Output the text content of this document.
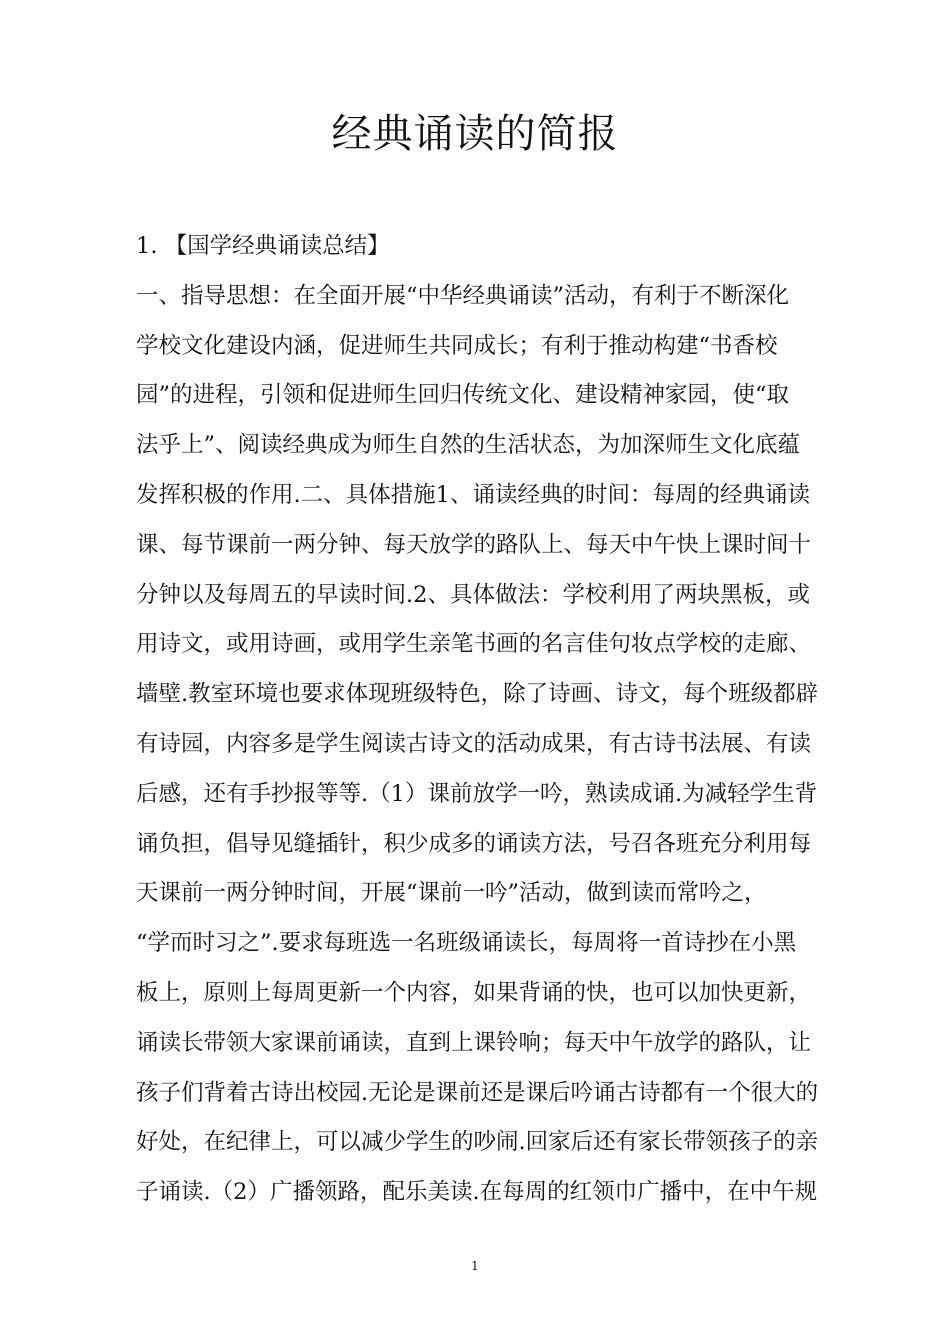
经典诵读的简报
1. 【国学经典诵读总结】
一、指导思想：在全面开展“中华经典诵读”活动，有利于不断深化
学校文化建设内涵，促进师生共同成长；有利于推动构建“书香校
园”的进程，引领和促进师生回归传统文化、建设精神家园，使“取
法乎上”、阅读经典成为师生自然的生活状态，为加深师生文化底蕴
发挥积极的作用.二、具体措施1、诵读经典的时间：每周的经典诵读
课、每节课前一两分钟、每天放学的路队上、每天中午快上课时间十
分钟以及每周五的早读时间.2、具体做法：学校利用了两块黑板，或
用诗文，或用诗画，或用学生亲笔书画的名言佳句妆点学校的走廊、
墙壁.教室环境也要求体现班级特色，除了诗画、诗文，每个班级都辟
有诗园，内容多是学生阅读古诗文的活动成果，有古诗书法展、有读
后感，还有手抄报等等.（1）课前放学一吟，熟读成诵.为减轻学生背
诵负担，倡导见缝插针，积少成多的诵读方法，号召各班充分利用每
天课前一两分钟时间，开展“课前一吟”活动，做到读而常吟之，
“学而时习之”.要求每班选一名班级诵读长，每周将一首诗抄在小黑
板上，原则上每周更新一个内容，如果背诵的快，也可以加快更新，
诵读长带领大家课前诵读，直到上课铃响；每天中午放学的路队，让
孩子们背着古诗出校园.无论是课前还是课后吟诵古诗都有一个很大的
好处，在纪律上，可以减少学生的吵闹.回家后还有家长带领孩子的亲
子诵读.（2）广播领路，配乐美读.在每周的红领巾广播中，在中午规
1
